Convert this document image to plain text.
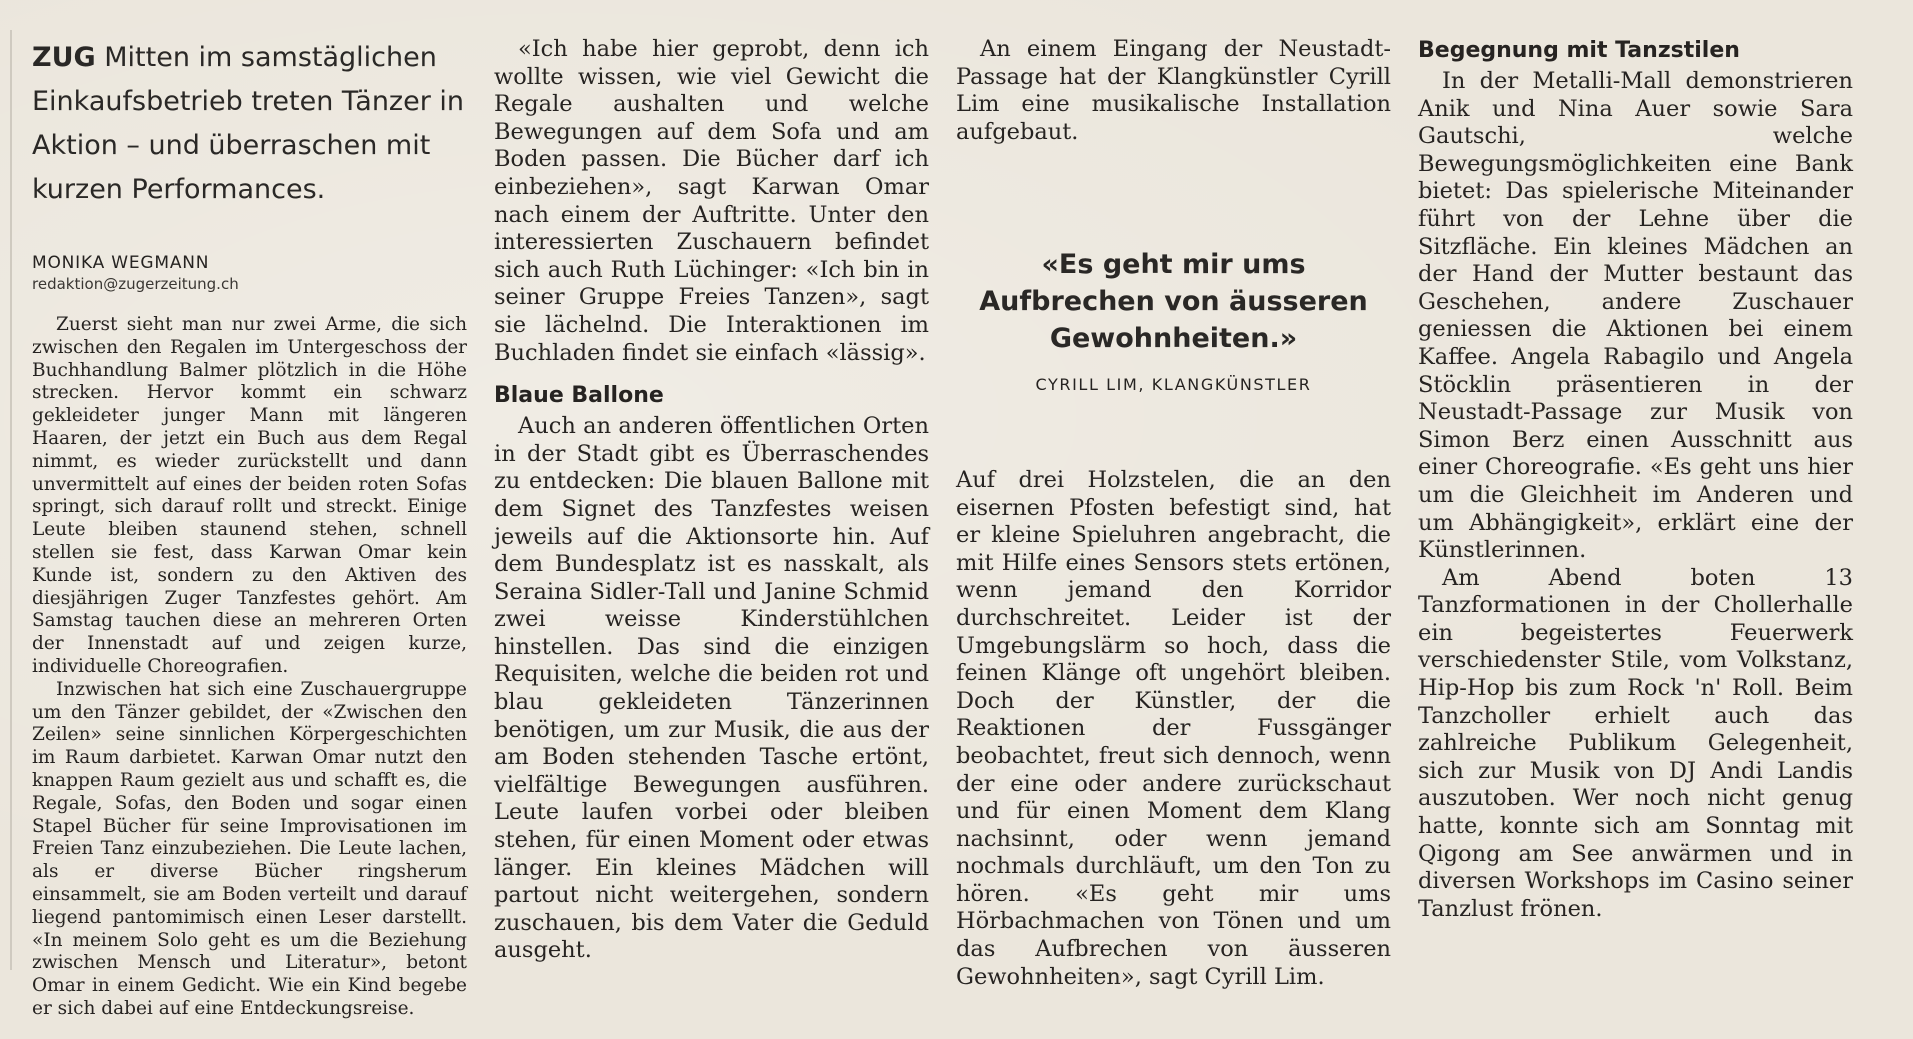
ZUG Mitten im samstäglichen Einkaufsbetrieb treten Tänzer in Aktion – und überraschen mit kurzen Performances.
MONIKA WEGMANN
redaktion@zugerzeitung.ch

Zuerst sieht man nur zwei Arme, die sich zwischen den Regalen im Untergeschoss der Buchhandlung Balmer plötzlich in die Höhe strecken. Hervor kommt ein schwarz gekleideter junger Mann mit längeren Haaren, der jetzt ein Buch aus dem Regal nimmt, es wieder zurückstellt und dann unvermittelt auf eines der beiden roten Sofas springt, sich darauf rollt und streckt. Einige Leute bleiben staunend stehen, schnell stellen sie fest, dass Karwan Omar kein Kunde ist, sondern zu den Aktiven des diesjährigen Zuger Tanzfestes gehört. Am Samstag tauchen diese an mehreren Orten der Innenstadt auf und zeigen kurze, individuelle Choreografien.

Inzwischen hat sich eine Zuschauergruppe um den Tänzer gebildet, der «Zwischen den Zeilen» seine sinnlichen Körpergeschichten im Raum darbietet. Karwan Omar nutzt den knappen Raum gezielt aus und schafft es, die Regale, Sofas, den Boden und sogar einen Stapel Bücher für seine Improvisationen im Freien Tanz einzubeziehen. Die Leute lachen, als er diverse Bücher ringsherum einsammelt, sie am Boden verteilt und darauf liegend pantomimisch einen Leser darstellt. «In meinem Solo geht es um die Beziehung zwischen Mensch und Literatur», betont Omar in einem Gedicht. Wie ein Kind begebe er sich dabei auf eine Entdeckungsreise.

«Ich habe hier geprobt, denn ich wollte wissen, wie viel Gewicht die Regale aushalten und welche Bewegungen auf dem Sofa und am Boden passen. Die Bücher darf ich einbeziehen», sagt Karwan Omar nach einem der Auftritte. Unter den interessierten Zuschauern befindet sich auch Ruth Lüchinger: «Ich bin in seiner Gruppe Freies Tanzen», sagt sie lächelnd. Die Interaktionen im Buchladen findet sie einfach «lässig».

Blaue Ballone

Auch an anderen öffentlichen Orten in der Stadt gibt es Überraschendes zu entdecken: Die blauen Ballone mit dem Signet des Tanzfestes weisen jeweils auf die Aktionsorte hin. Auf dem Bundesplatz ist es nasskalt, als Seraina Sidler-Tall und Janine Schmid zwei weisse Kinderstühlchen hinstellen. Das sind die einzigen Requisiten, welche die beiden rot und blau gekleideten Tänzerinnen benötigen, um zur Musik, die aus der am Boden stehenden Tasche ertönt, vielfältige Bewegungen ausführen. Leute laufen vorbei oder bleiben stehen, für einen Moment oder etwas länger. Ein kleines Mädchen will partout nicht weitergehen, sondern zuschauen, bis dem Vater die Geduld ausgeht.

An einem Eingang der Neustadt-Passage hat der Klangkünstler Cyrill Lim eine musikalische Installation aufgebaut.

«Es geht mir ums Aufbrechen von äusseren Gewohnheiten.»
CYRILL LIM, KLANGKÜNSTLER

Auf drei Holzstelen, die an den eisernen Pfosten befestigt sind, hat er kleine Spieluhren angebracht, die mit Hilfe eines Sensors stets ertönen, wenn jemand den Korridor durchschreitet. Leider ist der Umgebungslärm so hoch, dass die feinen Klänge oft ungehört bleiben. Doch der Künstler, der die Reaktionen der Fussgänger beobachtet, freut sich dennoch, wenn der eine oder andere zurückschaut und für einen Moment dem Klang nachsinnt, oder wenn jemand nochmals durchläuft, um den Ton zu hören. «Es geht mir ums Hörbachmachen von Tönen und um das Aufbrechen von äusseren Gewohnheiten», sagt Cyrill Lim.

Begegnung mit Tanzstilen

In der Metalli-Mall demonstrieren Anik und Nina Auer sowie Sara Gautschi, welche Bewegungsmöglichkeiten eine Bank bietet: Das spielerische Miteinander führt von der Lehne über die Sitzfläche. Ein kleines Mädchen an der Hand der Mutter bestaunt das Geschehen, andere Zuschauer geniessen die Aktionen bei einem Kaffee. Angela Rabagilo und Angela Stöcklin präsentieren in der Neustadt-Passage zur Musik von Simon Berz einen Ausschnitt aus einer Choreografie. «Es geht uns hier um die Gleichheit im Anderen und um Abhängigkeit», erklärt eine der Künstlerinnen.

Am Abend boten 13 Tanzformationen in der Chollerhalle ein begeistertes Feuerwerk verschiedenster Stile, vom Volkstanz, Hip-Hop bis zum Rock 'n' Roll. Beim Tanzcholler erhielt auch das zahlreiche Publikum Gelegenheit, sich zur Musik von DJ Andi Landis auszutoben. Wer noch nicht genug hatte, konnte sich am Sonntag mit Qigong am See anwärmen und in diversen Workshops im Casino seiner Tanzlust frönen.
